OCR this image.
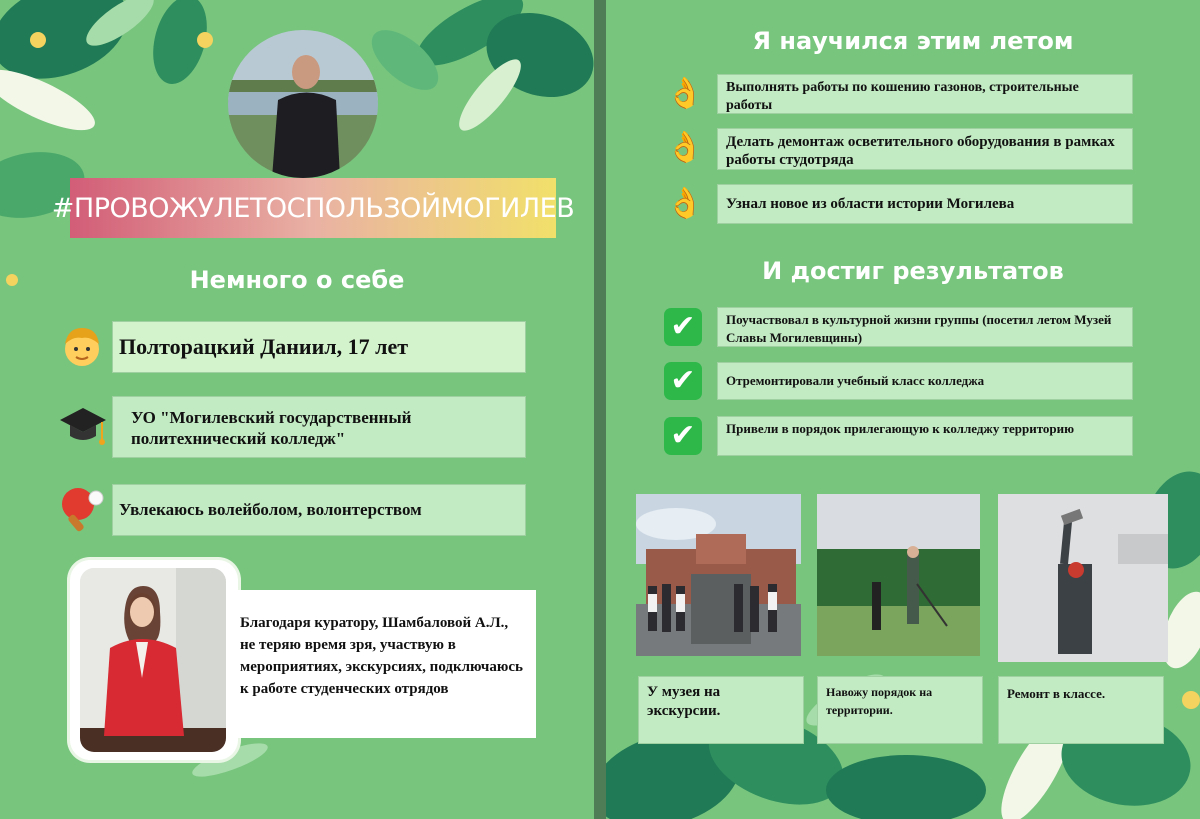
#ПРОВОЖУЛЕТОСПОЛЬЗОЙМОГИЛЕВ
Немного о себе
Полторацкий Даниил, 17 лет
УО "Могилевский государственный политехнический колледж"
Увлекаюсь волейболом, волонтерством
Благодаря куратору, Шамбаловой А.Л., не теряю время зря, участвую в мероприятиях, экскурсиях, подключаюсь к работе студенческих отрядов
Я научился этим летом
👌	Выполнять работы по кошению газонов, строительные работы
👌	Делать демонтаж осветительного оборудования в рамках работы студотряда
👌 Узнал новое из области истории Могилева
И достиг результатов
✔	Поучаствовал в культурной жизни группы (посетил летом Музей Славы Могилевщины)
✔	Отремонтировали учебный класс колледжа
✔	Привели в порядок прилегающую к колледжу территорию
У музея на экскурсии.
Навожу порядок на территории.
Ремонт в классе.
